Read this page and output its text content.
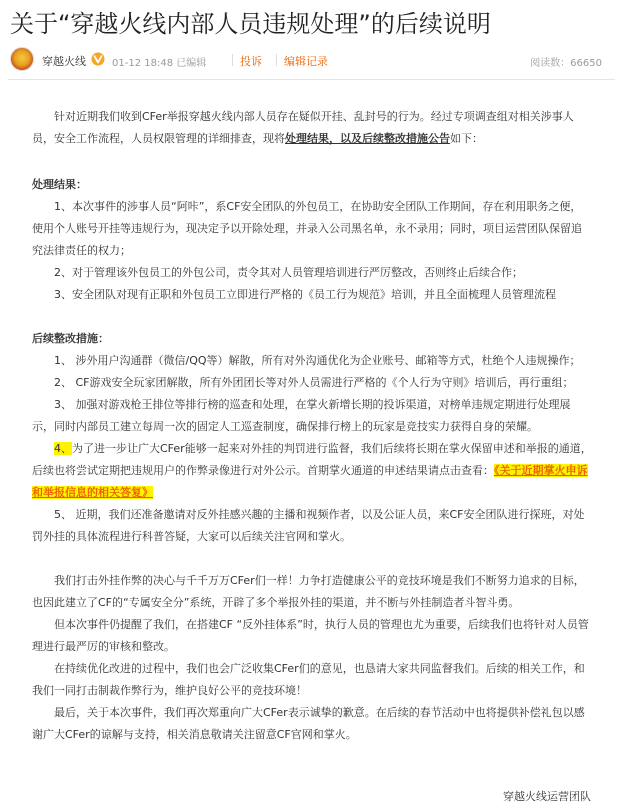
关于“穿越火线内部人员违规处理”的后续说明
穿越火线	01-12 18:48 已编辑	投诉 编辑记录	阅读数：66650

针对近期我们收到CFer举报穿越火线内部人员存在疑似开挂、乱封号的行为。经过专项调查组对相关涉事人员，安全工作流程，人员权限管理的详细排查，现将处理结果，以及后续整改措施公告如下：

处理结果：

1、本次事件的涉事人员“阿咔”，系CF安全团队的外包员工，在协助安全团队工作期间，存在利用职务之便，使用个人账号开挂等违规行为，现决定予以开除处理，并录入公司黑名单，永不录用；同时，项目运营团队保留追究法律责任的权力；

2、对于管理该外包员工的外包公司，责令其对人员管理培训进行严厉整改，否则终止后续合作；

3、安全团队对现有正职和外包员工立即进行严格的《员工行为规范》培训，并且全面梳理人员管理流程

后续整改措施：

1、 涉外用户沟通群（微信/QQ等）解散，所有对外沟通优化为企业账号、邮箱等方式，杜绝个人违规操作；

2、 CF游戏安全玩家团解散，所有外团团长等对外人员需进行严格的《个人行为守则》培训后，再行重组；

3、 加强对游戏枪王排位等排行榜的巡查和处理，在掌火新增长期的投诉渠道，对榜单违规定期进行处理展示，同时内部员工建立每周一次的固定人工巡查制度，确保排行榜上的玩家是竞技实力获得自身的荣耀。

4、为了进一步让广大CFer能够一起来对外挂的判罚进行监督，我们后续将长期在掌火保留申述和举报的通道，后续也将尝试定期把违规用户的作弊录像进行对外公示。首期掌火通道的申述结果请点击查看：《关于近期掌火申诉和举报信息的相关答复》

5、 近期，我们还准备邀请对反外挂感兴趣的主播和视频作者，以及公证人员，来CF安全团队进行探班，对处罚外挂的具体流程进行科普答疑，大家可以后续关注官网和掌火。

我们打击外挂作弊的决心与千千万万CFer们一样！力争打造健康公平的竞技环境是我们不断努力追求的目标，也因此建立了CF的“专属安全分”系统，开辟了多个举报外挂的渠道，并不断与外挂制造者斗智斗勇。

但本次事件仍提醒了我们，在搭建CF “反外挂体系”时，执行人员的管理也尤为重要，后续我们也将针对人员管理进行最严厉的审核和整改。

在持续优化改进的过程中，我们也会广泛收集CFer们的意见，也恳请大家共同监督我们。后续的相关工作，和我们一同打击制裁作弊行为，维护良好公平的竞技环境！

最后，关于本次事件，我们再次郑重向广大CFer表示诚挚的歉意。在后续的春节活动中也将提供补偿礼包以感谢广大CFer的谅解与支持，相关消息敬请关注留意CF官网和掌火。

穿越火线运营团队
